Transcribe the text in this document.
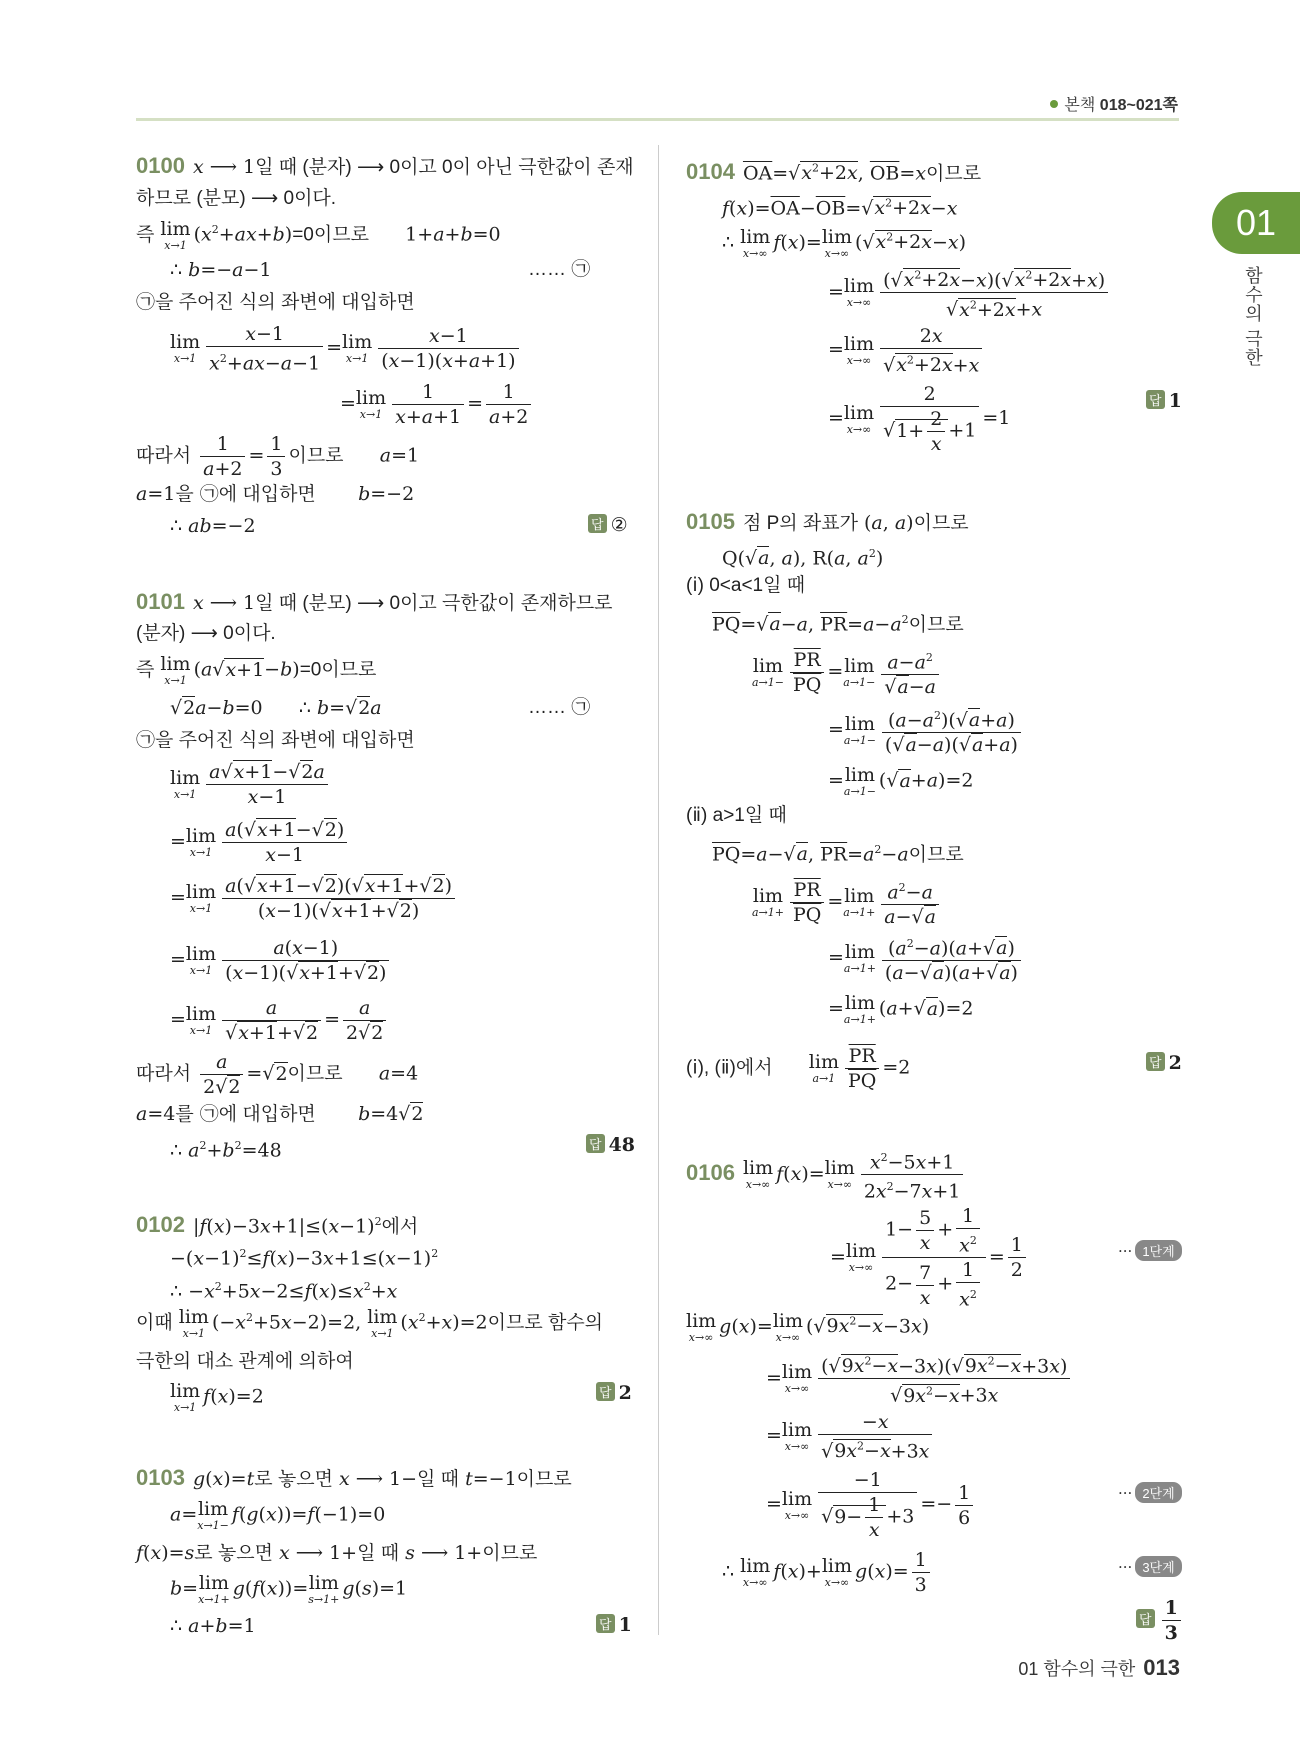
본책 018~021쪽
01
함수의 극한
0100 x ⟶ 1일 때 (분자) ⟶ 0이고 0이 아닌 극한값이 존재
하므로 (분모) ⟶ 0이다.
즉 lim
x→1 $(x^2+ax+b)=0$이므로      1+a+b=0
∴ b=−a−1	…… ㉠
㉠을 주어진 식의 좌변에 대입하면
lim
$x\to 1 \frac{x-1}{x^2+ax-a-1} = \lim$
$x\to 1 \frac{x-1}{(x-1)(x+a+1)}$
= lim
$x\to 1 \frac{1}{x+a+1} = \frac{1}{a+2}$
따라서 $\frac{1}{a+2} = \frac{1}{3}$ 이므로 a=1
a=1을 ㉠에 대입하면 b=−2
∴ ab=−2	답 ②
0101 x ⟶ 1일 때 (분모) ⟶ 0이고 극한값이 존재하므로
(분자) ⟶ 0이다.
즉 lim
x→1 (a√x+1−b)=0이므로
√2a−b=0      ∴ b=√2a	…… ㉠
㉠을 주어진 식의 좌변에 대입하면
lim
$x\to 1 \frac{a√x+1-√2a}{x-1}$
= lim
$x\to 1 \frac{a(√x+1-√2)}{x-1}$
= lim
$x\to 1 \frac{a(√x+1-√2)(√x+1+√2)}{(x-1)(√x+1+√2)}$
= lim
$x\to 1 \frac{a(x-1)}{(x-1)(√x+1+√2)}$
= lim
$x\to 1 \frac{a}{√x+1+√2} = \frac{a}{2√2}$
따라서 $\frac{a}{2√2} =√2$이므로 a=4
a=4를 ㉠에 대입하면 b=4√2
∴ $a^2+b^2=48$	답 48
0102 $|f(x)-3x+1|\le(x-1)^2$에서
$-(x-1)^2\le f(x)-3x+1\le(x-1)^2$
∴ $-x^2+5x-2\le f(x)\le x^2+x$
이때 lim
x→1 $(-x^2+5x-2)=2$, lim
x→1 $(x^2+x)=2$이므로 함수의
극한의 대소 관계에 의하여
lim
x→1 f(x)=2	답 2
0103 g(x)=t로 놓으면 x ⟶ 1−일 때 t=−1이므로
a= lim
x→1− f(g(x))=f(−1)=0
f(x)=s로 놓으면 x ⟶ 1+일 때 s ⟶ 1+이므로
b= lim
x→1+ g(f(x))= lim
s→1+ g(s)=1
∴ a+b=1	답 1
0104 $\overline{OA}=√x^2+2x$, $\overline{OB}=x$이므로
$f(x)=\overline{OA}-\overline{OB}=√x^2+2x-x$
∴ lim
x→∞ f(x)= lim
x→∞ $(√x^2+2x-x)$
= lim
$x\to\infty \frac{(√x^2+2x-x)(√x^2+2x+x)}{√x^2+2x+x}$
= lim
$x\to\infty \frac{2x}{√x^2+2x+x}$
= lim
$x\to\infty \frac{2}{√1+ \frac{2}{x} +1} =1$
답 1
0105 점 P의 좌표가 (a, a)이므로
Q(√a, a), R(a, $a^2$)
(ⅰ) 0<a<1일 때
$\overline{PQ}=√a-a$, $\overline{PR}=a-a^2$이므로
lim
$a\to 1- \frac{\overline{PR}}{PQ} = \lim$
$a\to 1- \frac{a-a^2}{√a-a}$
= lim
$a\to 1- \frac{(a-a^2)(√a+a)}{(√a-a)(√a+a)}$
= lim
a→1− (√a+a)=2
(ⅱ) a>1일 때
$\overline{PQ}=a-√a$, $\overline{PR}=a^2-a$이므로
lim
$a\to 1+ \frac{\overline{PR}}{PQ} = \lim$
$a\to 1+ \frac{a^2-a}{a-√a}$
= lim
$a\to 1+ \frac{(a^2-a)(a+√a)}{(a-√a)(a+√a)}$
= lim
a→1+ (a+√a)=2
(ⅰ), (ⅱ)에서 lim
$a\to 1 \frac{\overline{PR}}{PQ} =2$	답 2
0106 lim
x→∞ f(x)= lim
$x\to\infty \frac{x^2-5x+1}{2x^2-7x+1}$
= lim
$x\to\infty \frac{1- \frac{5}{x} + \frac{1}{x^2}}{2- \frac{7}{x} + \frac{1}{x^2}} = \frac{1}{2}$	··· 1단계
lim
x→∞ g(x)= lim
x→∞ $(√9x^2-x-3x)$
= lim
$x\to\infty \frac{(√9x^2-x-3x)(√9x^2-x+3x)}{√9x^2-x+3x}$
= lim
$x\to\infty \frac{-x}{√9x^2-x+3x}$
= lim
$x\to\infty \frac{-1}{√9- \frac{1}{x} +3} =- \frac{1}{6}$	··· 2단계
∴ lim
x→∞ f(x)+ lim
x→∞ $g(x)= \frac{1}{3}$	··· 3단계
답 $\frac{1}{3}$
01 함수의 극한 013
